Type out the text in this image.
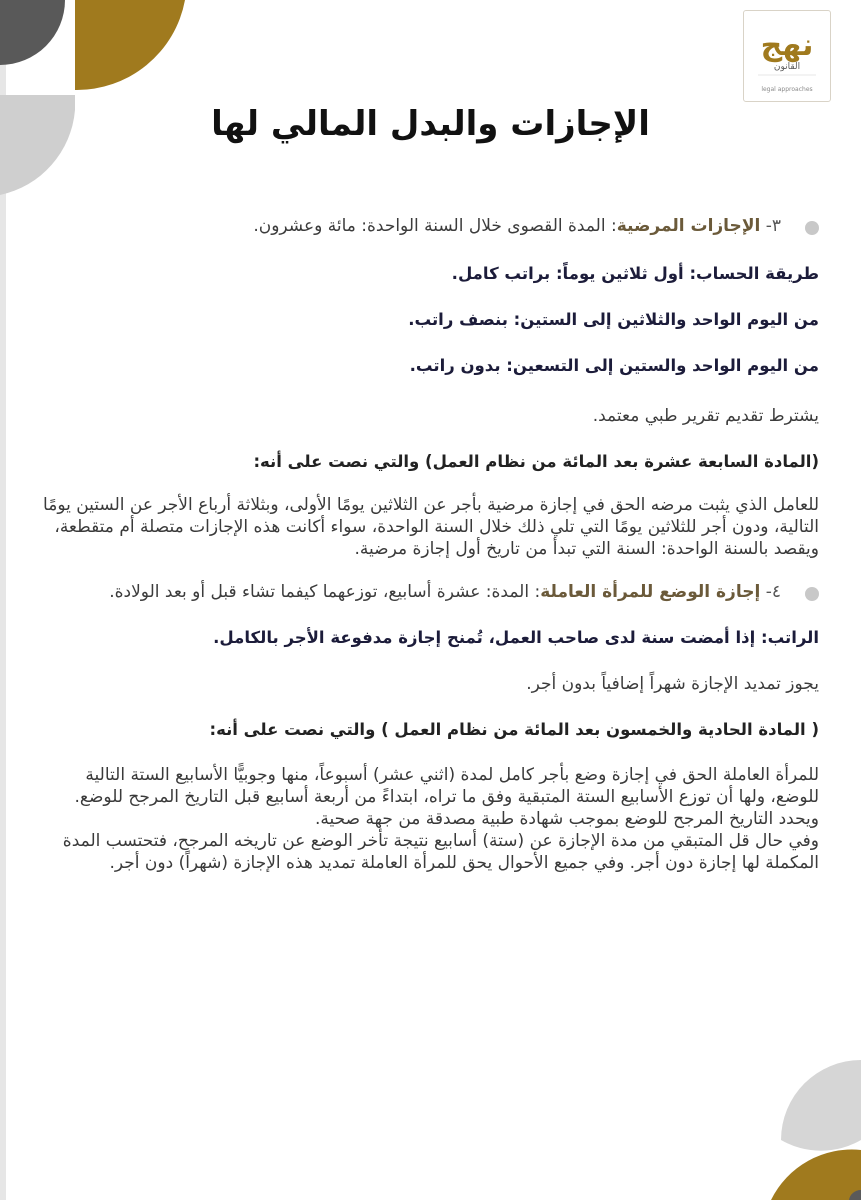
نهج
القانون
legal approaches
الإجازات والبدل المالي لها

٣- الإجازات المرضية: المدة القصوى خلال السنة الواحدة: مائة وعشرون.

طريقة الحساب: أول ثلاثين يوماً: براتب كامل.

من اليوم الواحد والثلاثين إلى الستين: بنصف راتب.

من اليوم الواحد والستين إلى التسعين: بدون راتب.

يشترط تقديم تقرير طبي معتمد.

(المادة السابعة عشرة بعد المائة من نظام العمل) والتي نصت على أنه:

للعامل الذي يثبت مرضه الحق في إجازة مرضية بأجر عن الثلاثين يومًا الأولى، وبثلاثة أرباع الأجر عن الستين يومًا التالية، ودون أجر للثلاثين يومًا التي تلي ذلك خلال السنة الواحدة، سواء أكانت هذه الإجازات متصلة أم متقطعة، ويقصد بالسنة الواحدة: السنة التي تبدأ من تاريخ أول إجازة مرضية.

٤- إجازة الوضع للمرأة العاملة: المدة: عشرة أسابيع، توزعهما كيفما تشاء قبل أو بعد الولادة.

الراتب: إذا أمضت سنة لدى صاحب العمل، تُمنح إجازة مدفوعة الأجر بالكامل.

يجوز تمديد الإجازة شهراً إضافياً بدون أجر.

( المادة الحادية والخمسون بعد المائة من نظام العمل ) والتي نصت على أنه:

للمرأة العاملة الحق في إجازة وضع بأجر كامل لمدة (اثني عشر) أسبوعاً، منها وجوبيًّا الأسابيع الستة التالية للوضع، ولها أن توزع الأسابيع الستة المتبقية وفق ما تراه، ابتداءً من أربعة أسابيع قبل التاريخ المرجح للوضع. ويحدد التاريخ المرجح للوضع بموجب شهادة طبية مصدقة من جهة صحية.

وفي حال قل المتبقي من مدة الإجازة عن (ستة) أسابيع نتيجة تأخر الوضع عن تاريخه المرجح، فتحتسب المدة المكملة لها إجازة دون أجر. وفي جميع الأحوال يحق للمرأة العاملة تمديد هذه الإجازة (شهراً) دون أجر.
